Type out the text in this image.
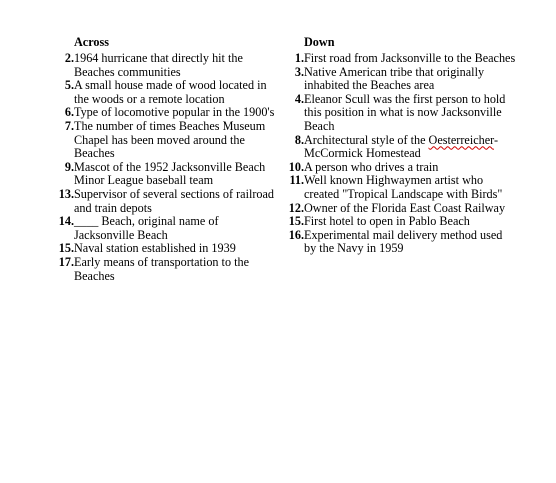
Across
2. 1964 hurricane that directly hit the Beaches communities
5. A small house made of wood located in the woods or a remote location
6. Type of locomotive popular in the 1900's
7. The number of times Beaches Museum Chapel has been moved around the Beaches
9. Mascot of the 1952 Jacksonville Beach Minor League baseball team
13. Supervisor of several sections of railroad and train depots
14. ____ Beach, original name of Jacksonville Beach
15. Naval station established in 1939
17. Early means of transportation to the Beaches
Down
1. First road from Jacksonville to the Beaches
3. Native American tribe that originally inhabited the Beaches area
4. Eleanor Scull was the first person to hold this position in what is now Jacksonville Beach
8. Architectural style of the Oesterreicher-McCormick Homestead
10. A person who drives a train
11. Well known Highwaymen artist who created "Tropical Landscape with Birds"
12. Owner of the Florida East Coast Railway
15. First hotel to open in Pablo Beach
16. Experimental mail delivery method used by the Navy in 1959
